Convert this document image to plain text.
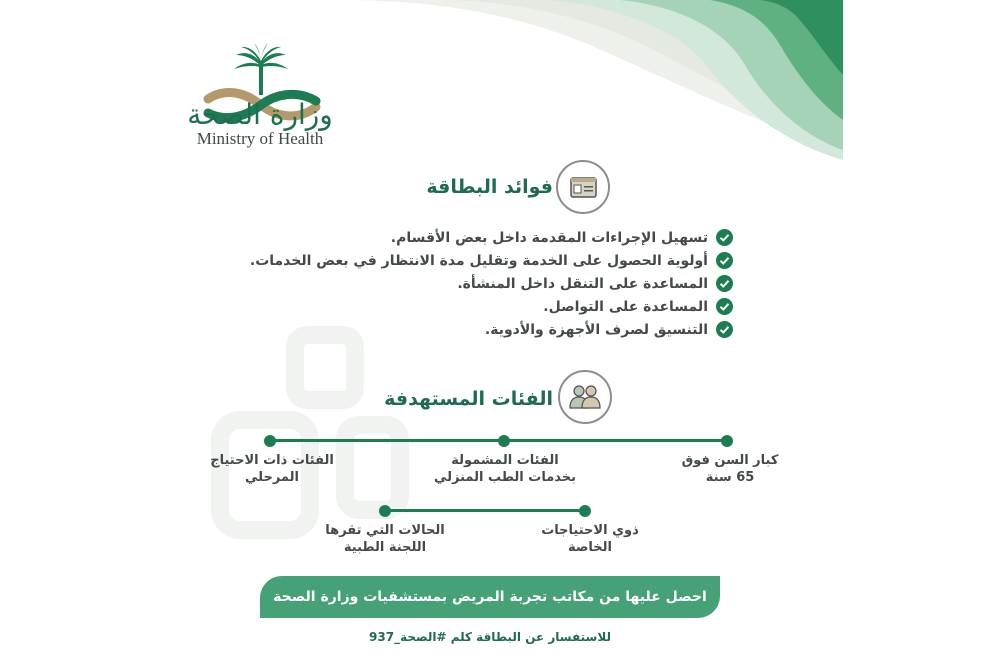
وزارة الصحة
Ministry of Health
فوائد البطاقة
تسهيل الإجراءات المقدمة داخل بعض الأقسام.
أولوية الحصول على الخدمة وتقليل مدة الانتظار في بعض الخدمات.
المساعدة على التنقل داخل المنشأة.
المساعدة على التواصل.
التنسيق لصرف الأجهزة والأدوية.
الفئات المستهدفة
كبار السن فوق
65 سنة
الفئات المشمولة
بخدمات الطب المنزلي
الفئات ذات الاحتياج
المرحلي
ذوي الاحتياجات
الخاصة
الحالات التي تقرها
اللجنة الطبية
احصل عليها من مكاتب تجربة المريض بمستشفيات وزارة الصحة
للاستفسار عن البطاقة كلم #الصحة_937
